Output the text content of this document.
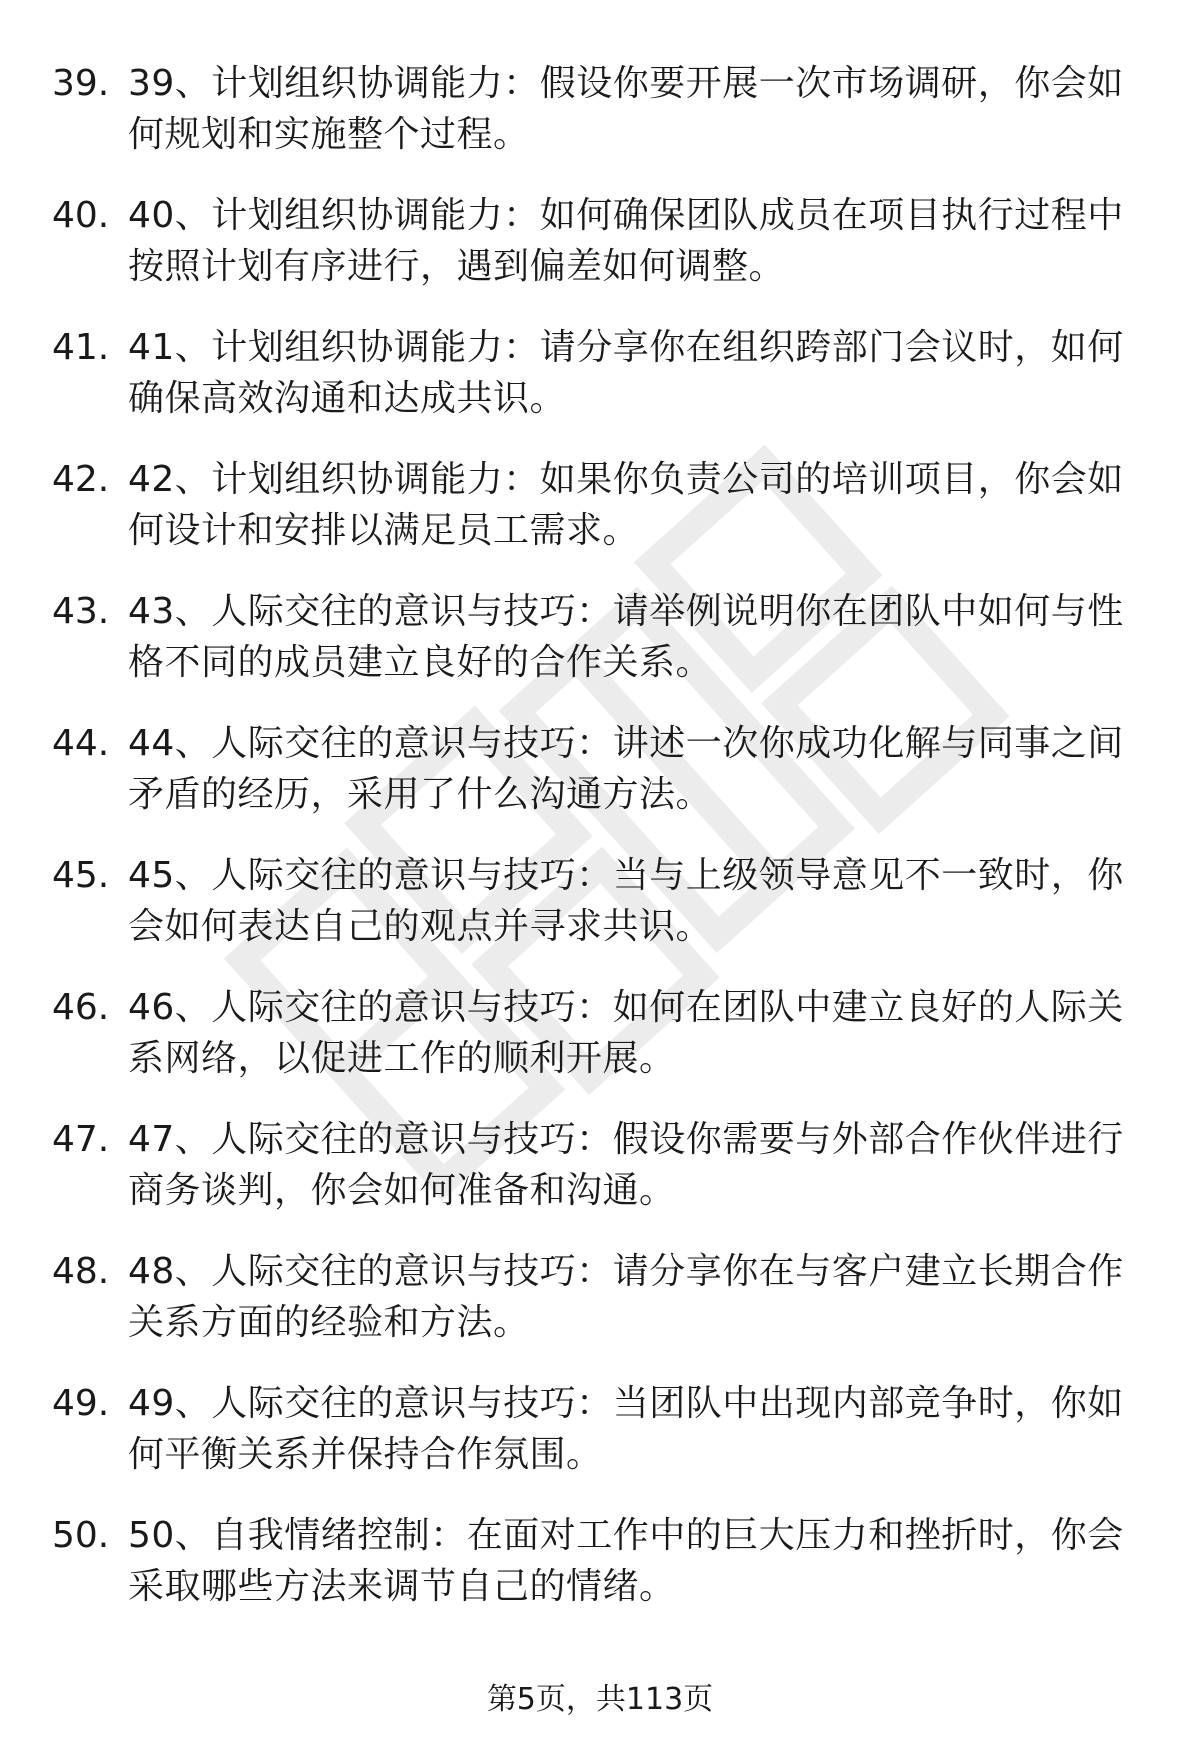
39. 39、计划组织协调能力：假设你要开展一次市场调研，你会如何规划和实施整个过程。
40. 40、计划组织协调能力：如何确保团队成员在项目执行过程中按照计划有序进行，遇到偏差如何调整。
41. 41、计划组织协调能力：请分享你在组织跨部门会议时，如何确保高效沟通和达成共识。
42. 42、计划组织协调能力：如果你负责公司的培训项目，你会如何设计和安排以满足员工需求。
43. 43、人际交往的意识与技巧：请举例说明你在团队中如何与性格不同的成员建立良好的合作关系。
44. 44、人际交往的意识与技巧：讲述一次你成功化解与同事之间矛盾的经历，采用了什么沟通方法。
45. 45、人际交往的意识与技巧：当与上级领导意见不一致时，你会如何表达自己的观点并寻求共识。
46. 46、人际交往的意识与技巧：如何在团队中建立良好的人际关系网络，以促进工作的顺利开展。
47. 47、人际交往的意识与技巧：假设你需要与外部合作伙伴进行商务谈判，你会如何准备和沟通。
48. 48、人际交往的意识与技巧：请分享你在与客户建立长期合作关系方面的经验和方法。
49. 49、人际交往的意识与技巧：当团队中出现内部竞争时，你如何平衡关系并保持合作氛围。
50. 50、自我情绪控制：在面对工作中的巨大压力和挫折时，你会采取哪些方法来调节自己的情绪。
第5页，共113页
